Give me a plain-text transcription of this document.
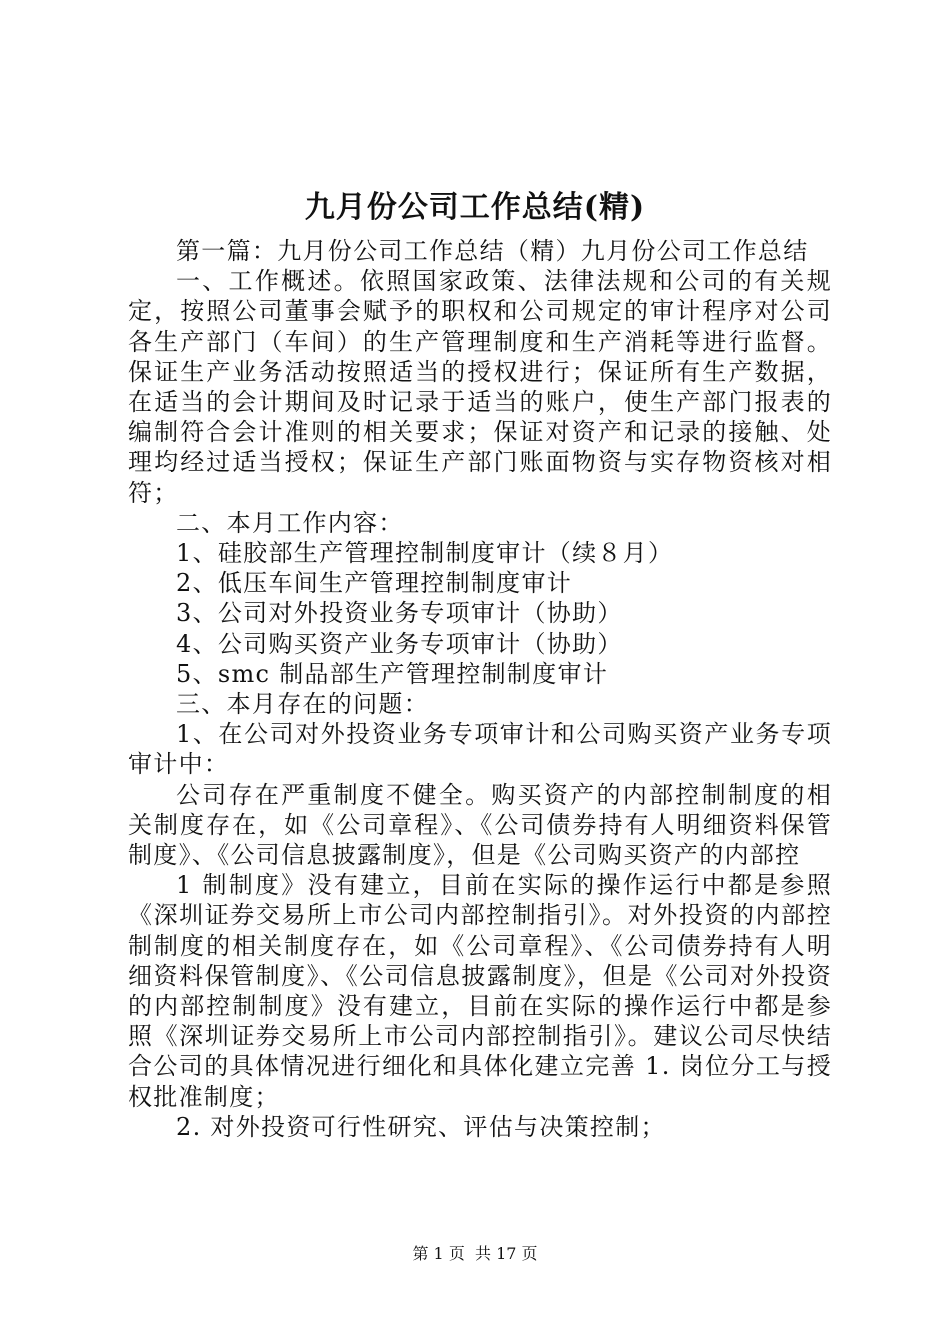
九月份公司工作总结(精)

第一篇：九月份公司工作总结（精）九月份公司工作总结

一、工作概述。依照国家政策、法律法规和公司的有关规定，按照公司董事会赋予的职权和公司规定的审计程序对公司各生产部门（车间）的生产管理制度和生产消耗等进行监督。保证生产业务活动按照适当的授权进行；保证所有生产数据，在适当的会计期间及时记录于适当的账户，使生产部门报表的编制符合会计准则的相关要求；保证对资产和记录的接触、处理均经过适当授权；保证生产部门账面物资与实存物资核对相符；

二、本月工作内容：

1、硅胶部生产管理控制制度审计（续８月）

2、低压车间生产管理控制制度审计

3、公司对外投资业务专项审计（协助）

4、公司购买资产业务专项审计（协助）

5、smc 制品部生产管理控制制度审计

三、本月存在的问题：

1、在公司对外投资业务专项审计和公司购买资产业务专项审计中：

公司存在严重制度不健全。购买资产的内部控制制度的相关制度存在，如《公司章程》、《公司债券持有人明细资料保管制度》、《公司信息披露制度》，但是《公司购买资产的内部控

1 制制度》没有建立，目前在实际的操作运行中都是参照《深圳证券交易所上市公司内部控制指引》。对外投资的内部控制制度的相关制度存在，如《公司章程》、《公司债券持有人明细资料保管制度》、《公司信息披露制度》，但是《公司对外投资的内部控制制度》没有建立，目前在实际的操作运行中都是参照《深圳证券交易所上市公司内部控制指引》。建议公司尽快结合公司的具体情况进行细化和具体化建立完善 1. 岗位分工与授权批准制度；

2. 对外投资可行性研究、评估与决策控制；

第 1 页  共 17 页
